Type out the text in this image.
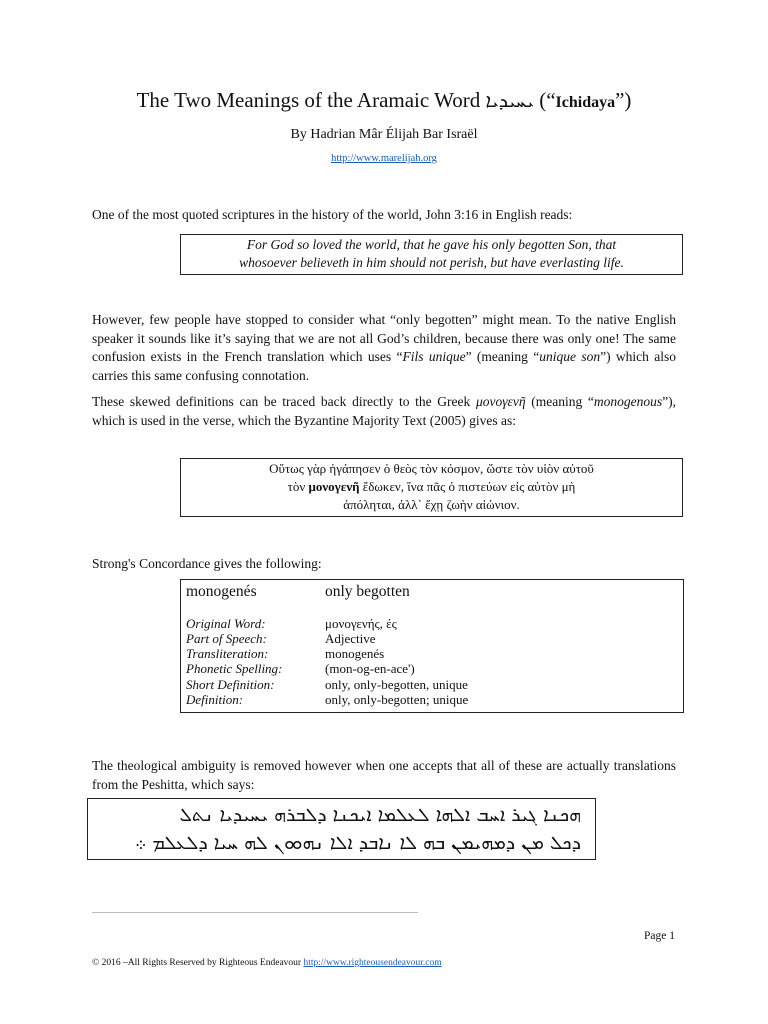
The Two Meanings of the Aramaic Word ܝܚܝܕܝܐ (“Ichidaya”)
By Hadrian Mâr Élijah Bar Israël
http://www.marelijah.org
One of the most quoted scriptures in the history of the world, John 3:16 in English reads:
For God so loved the world, that he gave his only begotten Son, that
whosoever believeth in him should not perish, but have everlasting life.
However, few people have stopped to consider what “only begotten” might mean. To the native English speaker it sounds like it’s saying that we are not all God’s children, because there was only one! The same confusion exists in the French translation which uses “Fils unique” (meaning “unique son”) which also carries this same confusing connotation.
These skewed definitions can be traced back directly to the Greek μονογενῆ (meaning “monogenous”), which is used in the verse, which the Byzantine Majority Text (2005) gives as:
Οὕτως γὰρ ἠγάπησεν ὁ θεὸς τὸν κόσμον, ὥστε τὸν υἱὸν αὐτοῦ
τὸν μονογενῆ ἔδωκεν, ἵνα πᾶς ὁ πιστεύων εἰς αὐτὸν μὴ
ἀπόληται, ἀλλ᾽ ἔχῃ ζωὴν αἰώνιον.
Strong's Concordance gives the following:
monogenés	only begotten
Original Word:	μονογενής, ές
Part of Speech:	Adjective
Transliteration:	monogenés
Phonetic Spelling:	(mon-og-en-ace')
Short Definition:	only, only-begotten, unique
Definition:	only, only-begotten; unique
The theological ambiguity is removed however when one accepts that all of these are actually translations from the Peshitta, which says:
ܗܟܢܐ ܓܝܪ ܐܚܒ ܐܠܗܐ ܠܥܠܡܐ ܐܝܟܢܐ ܕܠܒܪܗ ܝܚܝܕܝܐ ܢܬܠ
ܕܟܠ ܡܢ ܕܡܗܝܡܢ ܒܗ ܠܐ ܢܐܒܕ ܐܠܐ ܢܗܘܘܢ ܠܗ ܚܝܐ ܕܠܥܠܡ ܀
Page 1
© 2016 –All Rights Reserved by Righteous Endeavour http://www.righteousendeavour.com
